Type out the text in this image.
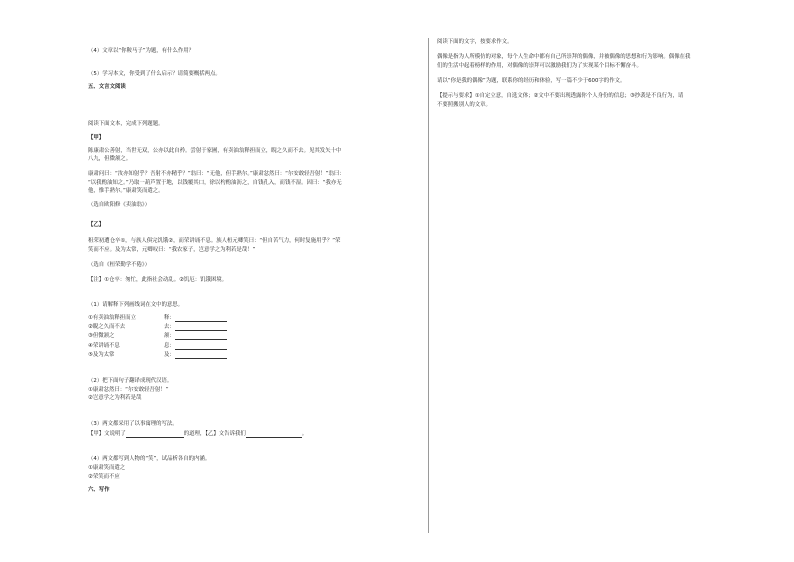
（4）文章以“你鞍马子”为题，有什么作用？
（5）学习本文，你受到了什么启示？请简要概括两点。
五、文言文阅读
阅读下面文本，完成下列题题。
【甲】
陈康肃公善射，当世无双，公亦以此自矜。尝射于家圃，有卖油翁释担而立，睨之久而不去。见其发矢十中
八九，但微颔之。
康肃问曰：“汝亦知射乎？吾射不亦精乎？”翁曰：“无他，但手熟尔。”康肃忿然曰：“尔安敢轻吾射！”翁曰：
“以我酌油知之。”乃取一葫芦置于地，以钱覆其口，徐以杓酌油沥之，自钱孔入，而钱不湿。因曰：“我亦无
他，惟手熟尔。”康肃笑而遣之。
（选自欧阳修《卖油翁》）
【乙】
租荣初遭仓卒①，与族人俱完饥饿②，而荣讲诵不息。族人桓元卿笑曰：“但自苦气力，何时复施用乎？”荣
笑而不应。及为太常，元卿叹曰：“我农家子，岂意学之为利若是哉！”
（选自《桓荣勤学不倦》）
【注】①仓卒：匆忙，此指社会动乱。②饥厄：饥饿困境。
（1）请解释下列画线词在文中的意思。
①有卖油翁释担而立	释：
②睨之久而不去	去：
③但微颔之	颔：
④荣讲诵不息	息：
⑤及为太常	及：
（2）把下面句子翻译成现代汉语。
①康肃忿然曰：“尔安敢轻吾射！”
②岂意学之为利若是哉
（3）两文都采用了以事寓理的写法。
【甲】文说明了	的道理，【乙】文告诉我们	。
（4）两文都写到人物的“笑”，试品析各自的内涵。
①康肃笑而遣之
②荣笑而不应
六、写作
阅读下面的文字，按要求作文。
偶像是指为人所模仿的对象，每个人生命中都有自己所崇拜的偶像，并被偶像的思想和行为影响。偶像在我
们的生活中起着榜样的作用，对偶像的崇拜可以激励我们为了实现某个目标不懈奋斗。
请以“你是我的偶像”为题，联系你的经历和体验，写一篇不少于600字的作文。
【提示与要求】①自定立意，自选文体；②文中不要出现透露你个人身份的信息；③抄袭是不良行为，请
不要照搬别人的文章。
